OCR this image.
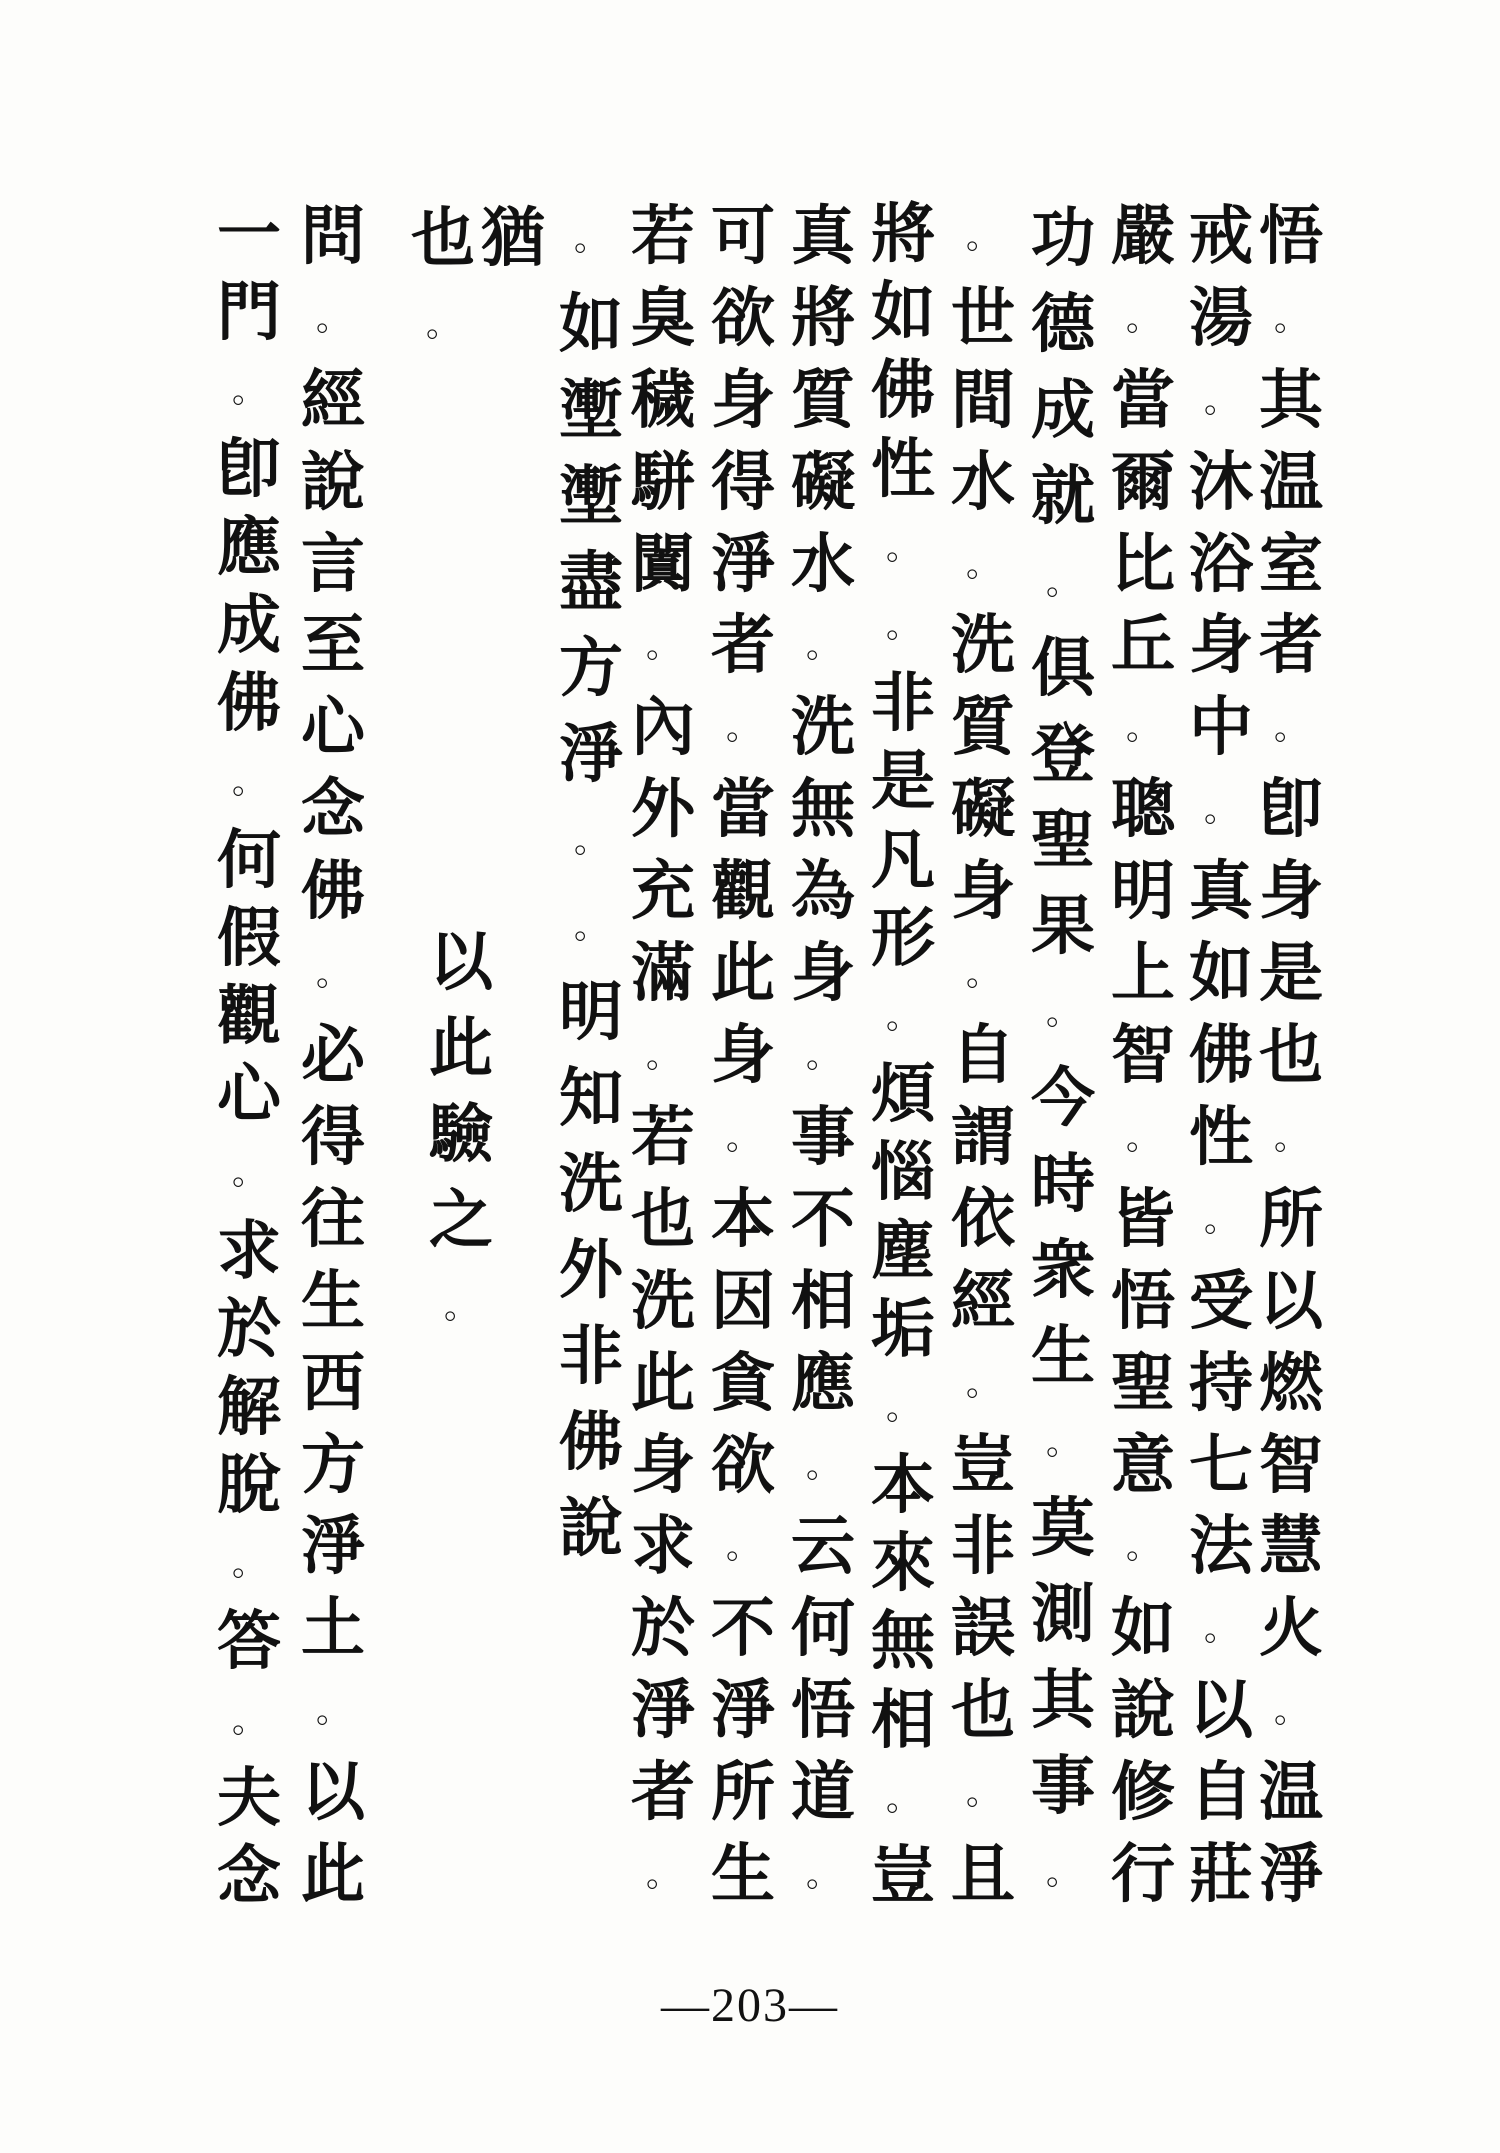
悟
。
其
温
室
者
。
卽
身
是
也
。
所
以
燃
智
慧
火
。
温
淨
戒
湯
。
沐
浴
身
中
。
真
如
佛
性
。
受
持
七
法
。
以
自
莊
嚴
。
當
爾
比
丘
。
聰
明
上
智
。
皆
悟
聖
意
。
如
說
修
行
功
德
成
就
。
俱
登
聖
果
。
今
時
衆
生
。
莫
測
其
事
。
。
世
間
水
。
洗
質
礙
身
。
自
謂
依
經
。
豈
非
誤
也
。
且
將
如
佛
性
。
。
非
是
凡
形
。
煩
惱
塵
垢
。
本
來
無
相
。
豈
真
將
質
礙
水
。
洗
無
為
身
。
事
不
相
應
。
云
何
悟
道
。
可
欲
身
得
淨
者
。
當
觀
此
身
。
本
因
貪
欲
。
不
淨
所
生
若
臭
穢
駢
闐
。
內
外
充
滿
。
若
也
洗
此
身
求
於
淨
者
。
。
如
壍
壍
盡
方
淨
。
。
明
知
洗
外
非
佛
說
猶
也
。
問
。
經
說
言
至
心
念
佛
。
必
得
往
生
西
方
淨
土
。
以
此
一
門
。
卽
應
成
佛
。
何
假
觀
心
。
求
於
解
脫
。
答
。
夫
念
以
此
驗
之
。
—203—
